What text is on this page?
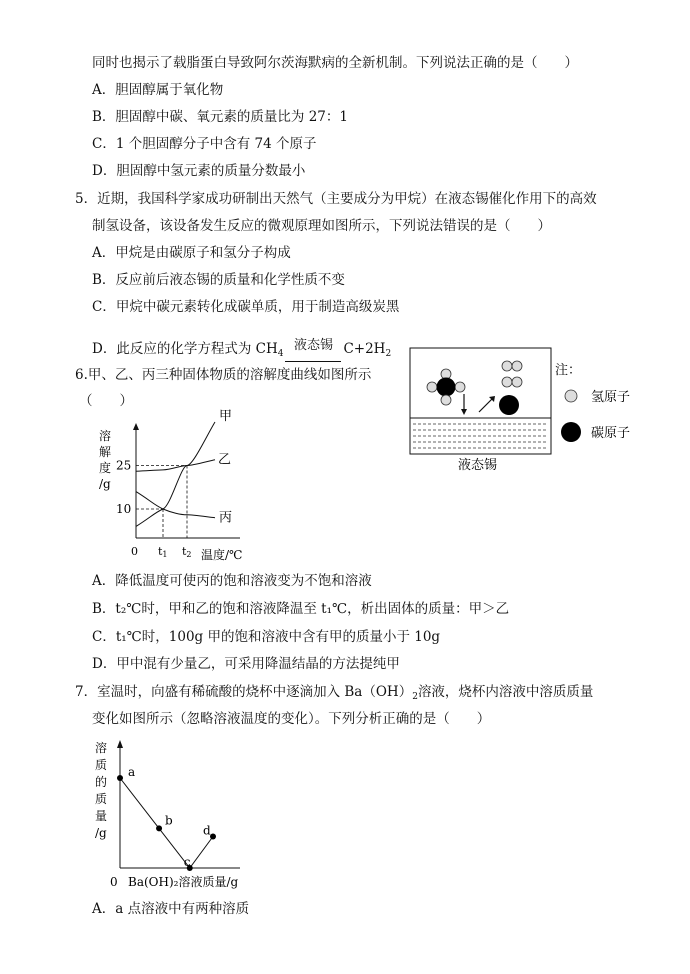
同时也揭示了载脂蛋白导致阿尔茨海默病的全新机制。下列说法正确的是（　　）
A．胆固醇属于氧化物
B．胆固醇中碳、氧元素的质量比为 27：1
C．1 个胆固醇分子中含有 74 个原子
D．胆固醇中氢元素的质量分数最小
5．近期，我国科学家成功研制出天然气（主要成分为甲烷）在液态锡催化作用下的高效
制氢设备，该设备发生反应的微观原理如图所示，下列说法错误的是（　　）
A．甲烷是由碳原子和氢分子构成
B．反应前后液态锡的质量和化学性质不变
C．甲烷中碳元素转化成碳单质，用于制造高级炭黑
D．此反应的化学方程式为 $CH_4$
液态锡 $C+2H_2$
注：
氢原子
碳原子
液态锡
6.甲、乙、丙三种固体物质的溶解度曲线如图所示
（　　）
溶
解
度
/g
0 t1 t2 温度/℃
10
25
甲
乙
丙
A．降低温度可使丙的饱和溶液变为不饱和溶液
B．t₂℃时，甲和乙的饱和溶液降温至 t₁℃，析出固体的质量：甲＞乙
C．t₁℃时，100g 甲的饱和溶液中含有甲的质量小于 10g
D．甲中混有少量乙，可采用降温结晶的方法提纯甲
7．室温时，向盛有稀硫酸的烧杯中逐滴加入 $Ba(OH)_2$溶液，烧杯内溶液中溶质质量
变化如图所示（忽略溶液温度的变化）。下列分析正确的是（　　）
溶
质
的
质
量
/g
0 Ba(OH)₂溶液质量/g
a
b
c
d
A．a 点溶液中有两种溶质
